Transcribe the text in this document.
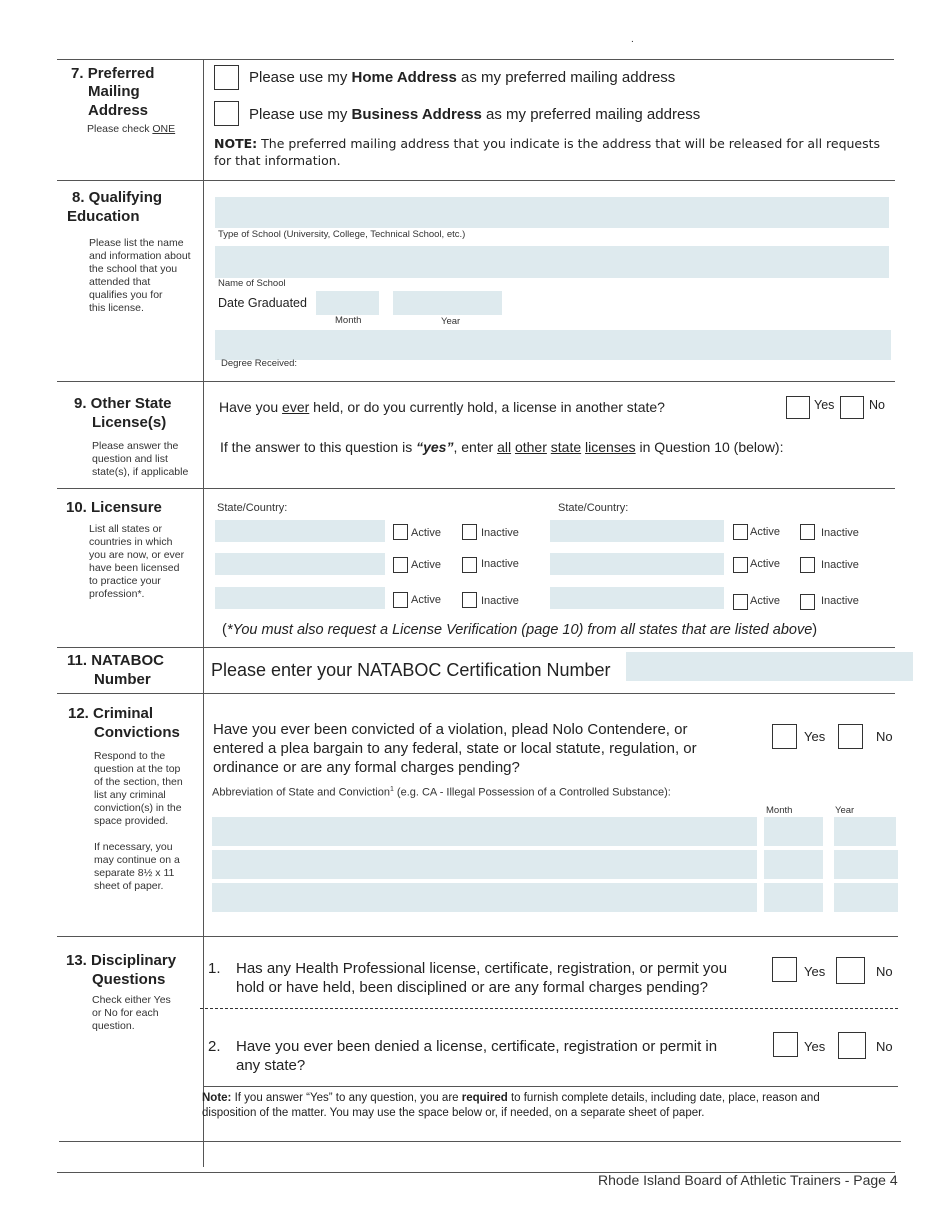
.
7. Preferred
Mailing
Address
Please check ONE
Please use my Home Address as my preferred mailing address
Please use my Business Address as my preferred mailing address
NOTE: The preferred mailing address that you indicate is the address that will be released for all requests for that information.
8. Qualifying
Education
Please list the name
and information about
the school that you
attended that
qualifies you for
this license.
Type of School (University, College, Technical School, etc.)
Name of School
Date Graduated
Month	Year
Degree Received:
9. Other State
License(s)
Please answer the
question and list
state(s), if applicable
Have you ever held, or do you currently hold, a license in another state?	Yes	No
If the answer to this question is “yes”, enter all other state licenses in Question 10 (below):
10. Licensure
List all states or
countries in which
you are now, or ever
have been licensed
to practice your
profession*.
State/Country:	State/Country:
Active	Inactive	Active	Inactive
Active	Inactive	Active	Inactive
Active	Inactive	Active	Inactive
(*You must also request a License Verification (page 10) from all states that are listed above)
11. NATABOC
Number	Please enter your NATABOC Certification Number
12. Criminal
Convictions
Respond to the
question at the top
of the section, then
list any criminal
conviction(s) in the
space provided.
If necessary, you
may continue on a
separate 8½ x 11
sheet of paper.
Have you ever been convicted of a violation, plead Nolo Contendere, or
entered a plea bargain to any federal, state or local statute, regulation, or
ordinance or are any formal charges pending?
Yes	No
Abbreviation of State and Conviction$^1$ (e.g. CA - Illegal Possession of a Controlled Substance):
Month	Year
13. Disciplinary
Questions
Check either Yes
or No for each
question.
1. Has any Health Professional license, certificate, registration, or permit you
hold or have held, been disciplined or are any formal charges pending?
Yes	No
2. Have you ever been denied a license, certificate, registration or permit in
any state?
Yes	No
Note: If you answer “Yes” to any question, you are required to furnish complete details, including date, place, reason and
disposition of the matter. You may use the space below or, if needed, on a separate sheet of paper.
Rhode Island Board of Athletic Trainers - Page 4
